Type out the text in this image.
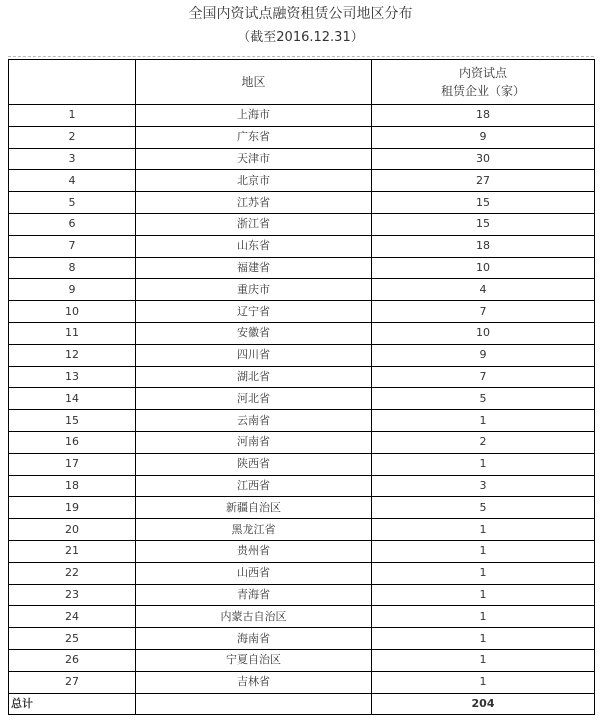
全国内资试点融资租赁公司地区分布
（截至2016.12.31）
	地区	内资试点
租赁企业（家）

1	上海市	18
2	广东省	9
3	天津市	30
4	北京市	27
5	江苏省	15
6	浙江省	15
7	山东省	18
8	福建省	10
9	重庆市	4
10	辽宁省	7
11	安徽省	10
12	四川省	9
13	湖北省	7
14	河北省	5
15	云南省	1
16	河南省	2
17	陕西省	1
18	江西省	3
19	新疆自治区	5
20	黑龙江省	1
21	贵州省	1
22	山西省	1
23	青海省	1
24	内蒙古自治区	1
25	海南省	1
26	宁夏自治区	1
27	吉林省	1
总计		204
